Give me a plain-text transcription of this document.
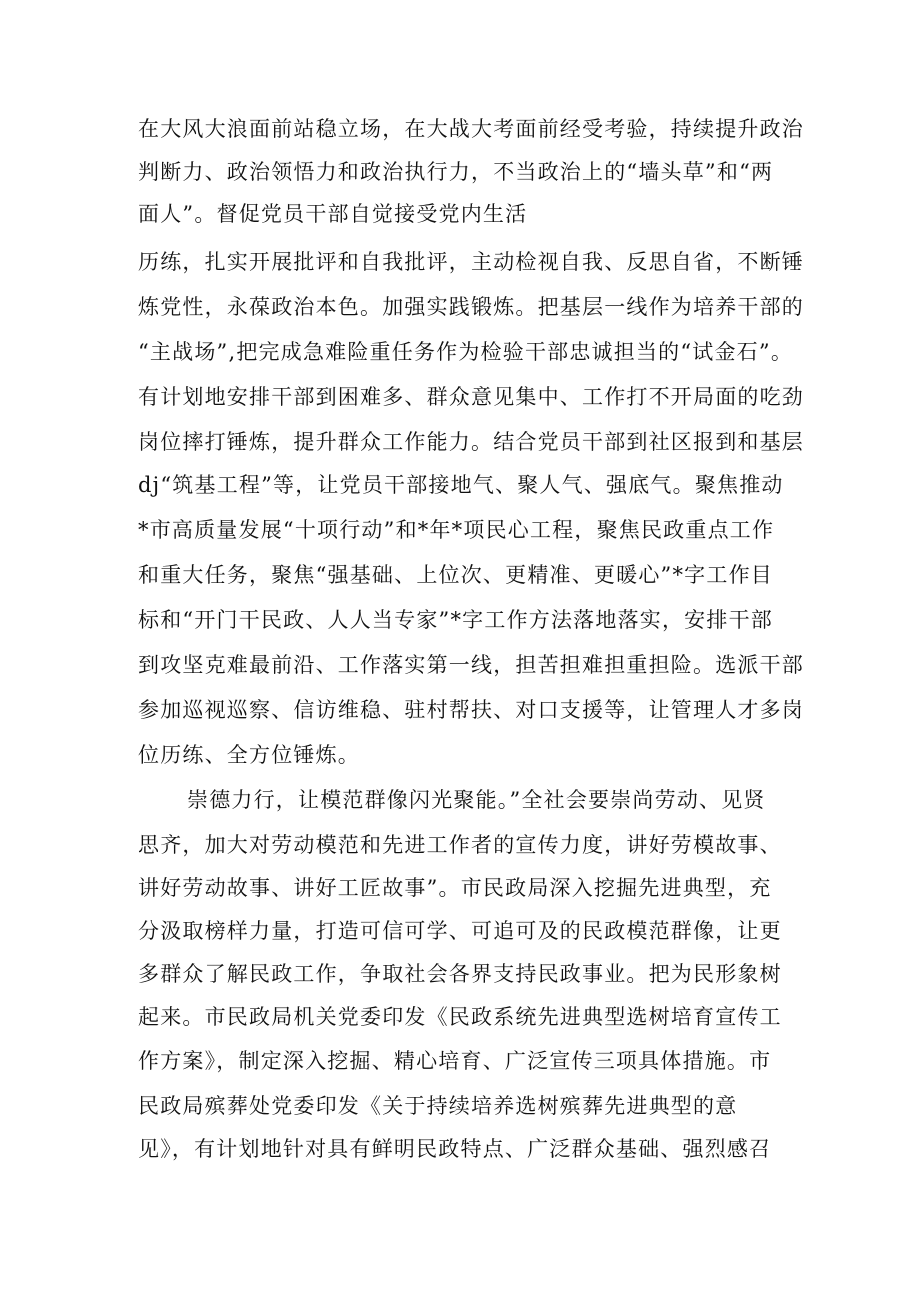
在大风大浪面前站稳立场，在大战大考面前经受考验，持续提升政治
判断力、政治领悟力和政治执行力，不当政治上的“墙头草”和“两
面人”。督促党员干部自觉接受党内生活
历练，扎实开展批评和自我批评，主动检视自我、反思自省，不断锤
炼党性，永葆政治本色。加强实践锻炼。把基层一线作为培养干部的
“主战场”,把完成急难险重任务作为检验干部忠诚担当的“试金石”。
有计划地安排干部到困难多、群众意见集中、工作打不开局面的吃劲
岗位摔打锤炼，提升群众工作能力。结合党员干部到社区报到和基层
dj“筑基工程”等，让党员干部接地气、聚人气、强底气。聚焦推动
*市高质量发展“十项行动”和*年*项民心工程，聚焦民政重点工作
和重大任务，聚焦“强基础、上位次、更精准、更暖心”*字工作目
标和“开门干民政、人人当专家”*字工作方法落地落实，安排干部
到攻坚克难最前沿、工作落实第一线，担苦担难担重担险。选派干部
参加巡视巡察、信访维稳、驻村帮扶、对口支援等，让管理人才多岗
位历练、全方位锤炼。
崇德力行，让模范群像闪光聚能。”全社会要崇尚劳动、见贤
思齐，加大对劳动模范和先进工作者的宣传力度，讲好劳模故事、
讲好劳动故事、讲好工匠故事”。市民政局深入挖掘先进典型，充
分汲取榜样力量，打造可信可学、可追可及的民政模范群像，让更
多群众了解民政工作，争取社会各界支持民政事业。把为民形象树
起来。市民政局机关党委印发《民政系统先进典型选树培育宣传工
作方案》，制定深入挖掘、精心培育、广泛宣传三项具体措施。市
民政局殡葬处党委印发《关于持续培养选树殡葬先进典型的意
见》，有计划地针对具有鲜明民政特点、广泛群众基础、强烈感召
